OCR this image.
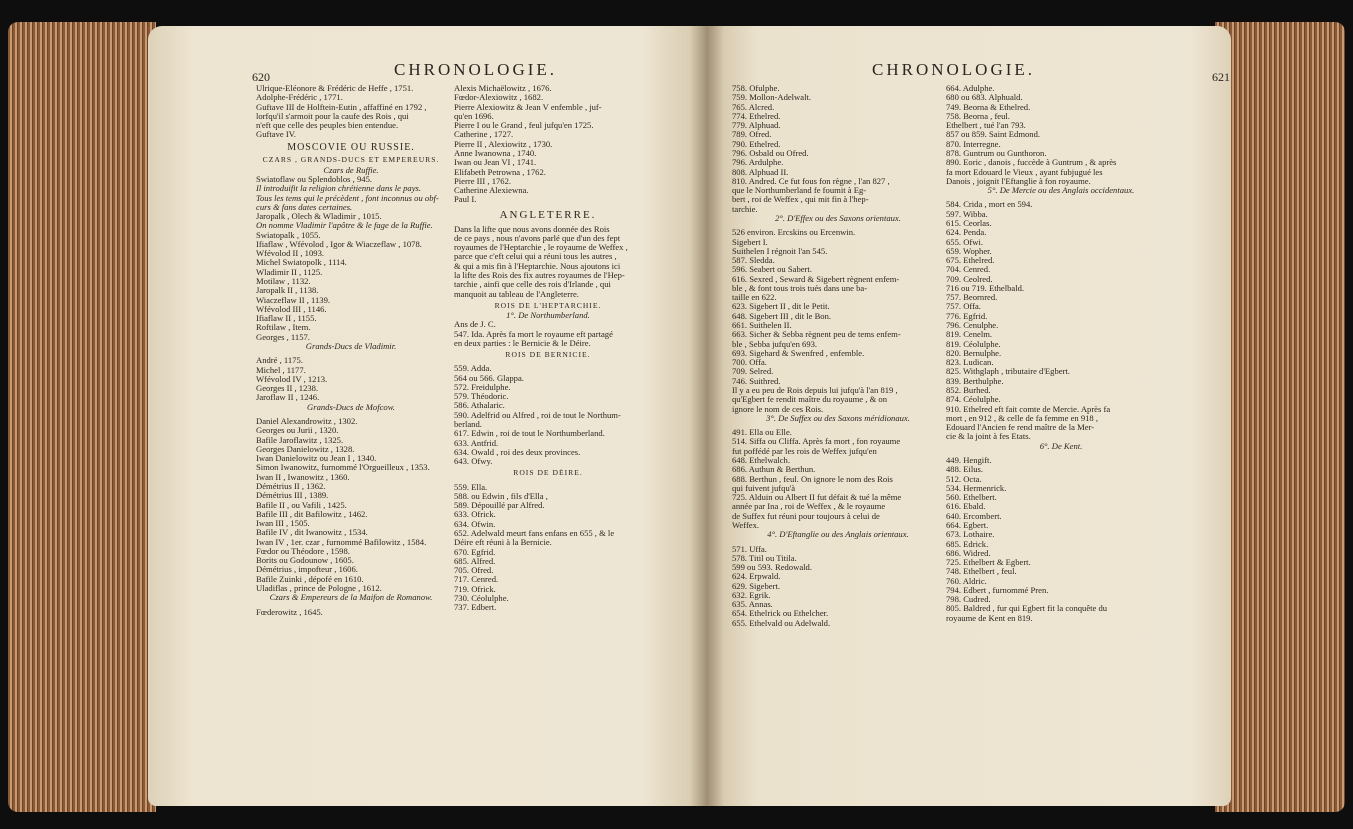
620	CHRONOLOGIE.
Ulrique-Eléonore & Frédéric de Heffe , 1751.
Adolphe-Frédéric , 1771.
Guftave III de Holftein-Eutin , affaffiné en 1792 ,
lorfqu'il s'armoit pour la caufe des Rois , qui
n'eft que celle des peuples bien entendue.
Guftave IV.
MOSCOVIE OU RUSSIE.
CZARS , GRANDS-DUCS ET EMPEREURS.
Czars de Ruffie.
Swiatoflaw ou Splendoblos , 945.
Il introduifit la religion chrétienne dans le pays.
Tous les tems qui le précèdent , font inconnus ou obf-
curs & fans dates certaines.
Jaropalk , Olech & Wladimir , 1015.
On nomme Vladimir l'apôtre & le fage de la Ruffie.
Swiatopalk , 1055.
Ifiaflaw , Wfévolod , Igor & Wiaczeflaw , 1078.
Wfévolod II , 1093.
Michel Swiatopolk , 1114.
Wladimir II , 1125.
Motilaw , 1132.
Jaropalk II , 1138.
Wiaczeflaw II , 1139.
Wfévolod III , 1146.
Ifiaflaw II , 1155.
Roftilaw , Item.
Georges , 1157.
Grands-Ducs de Vladimir.
André , 1175.
Michel , 1177.
Wfévolod IV , 1213.
Georges II , 1238.
Jaroflaw II , 1246.
Grands-Ducs de Mofcow.
Daniel Alexandrowitz , 1302.
Georges ou Jurii , 1320.
Bafile Jaroflawitz , 1325.
Georges Danielowitz , 1328.
Iwan Danielowitz ou Jean I , 1340.
Simon Iwanowitz, furnommé l'Orgueilleux , 1353.
Iwan II , Iwanowitz , 1360.
Démétrius II , 1362.
Démétrius III , 1389.
Bafile II , ou Vafili , 1425.
Bafile III , dit Bafilowitz , 1462.
Iwan III , 1505.
Bafile IV , dit Iwanowitz , 1534.
Iwan IV , 1er. czar , furnommé Bafilowitz , 1584.
Fœdor ou Théodore , 1598.
Borits ou Godounow , 1605.
Démétrius , impofteur , 1606.
Bafile Zuinki , dépofé en 1610.
Uladiflas , prince de Pologne , 1612.
Czars & Empereurs de la Maifon de Romanow.
Fœderowitz , 1645.
Alexis Michaëlowitz , 1676.
Fœdor-Alexiowitz , 1682.
Pierre Alexiowitz & Jean V enfemble , juf-
qu'en 1696.
Pierre I ou le Grand , feul jufqu'en 1725.
Catherine , 1727.
Pierre II , Alexiowitz , 1730.
Anne Iwanowna , 1740.
Iwan ou Jean VI , 1741.
Elifabeth Petrowna , 1762.
Pierre III , 1762.
Catherine Alexiewna.
Paul I.
ANGLETERRE.
Dans la lifte que nous avons donnée des Rois
de ce pays , nous n'avons parlé que d'un des fept
royaumes de l'Heptarchie , le royaume de Weffex ,
parce que c'eft celui qui a réuni tous les autres ,
& qui a mis fin à l'Heptarchie. Nous ajoutons ici
la lifte des Rois des fix autres royaumes de l'Hep-
tarchie , ainfi que celle des rois d'Irlande , qui
manquoit au tableau de l'Angleterre.
ROIS DE L'HEPTARCHIE.
1°. De Northumberland.
Ans de J. C.
547. Ida. Après fa mort le royaume eft partagé
en deux parties : le Bernicie & le Déire.
ROIS DE BERNICIE.
559. Adda.
564 ou 566. Glappa.
572. Freidulphe.
579. Théodoric.
586. Athalaric.
590. Adelfrid ou Alfred , roi de tout le Northum-
berland.
617. Edwin , roi de tout le Northumberland.
633. Antfrid.
634. Owald , roi des deux provinces.
643. Ofwy.
ROIS DE DÉIRE.
559. Ella.
588. ou Edwin , fils d'Ella ,
589. Dépouillé par Alfred.
633. Ofrick.
634. Ofwin.
652. Adelwald meurt fans enfans en 655 , & le
Déire eft réuni à la Bernicie.
670. Egfrid.
685. Alfred.
705. Ofred.
717. Cenred.
719. Ofrick.
730. Céolulphe.
737. Edbert.
CHRONOLOGIE.	621
758. Ofulphe.
759. Mollon-Adelwalt.
765. Alcred.
774. Ethelred.
779. Alphuad.
789. Ofred.
790. Ethelred.
796. Osbald ou Ofred.
796. Ardulphe.
808. Alphuad II.
810. Andred. Ce fut fous fon règne , l'an 827 ,
que le Northumberland fe foumit à Eg-
bert , roi de Weffex , qui mit fin à l'hep-
tarchie.
2°. D'Effex ou des Saxons orientaux.
526 environ. Ercskins ou Ercenwin.
Sigebert I.
Suithelen I régnoit l'an 545.
587. Sledda.
596. Seabert ou Sabert.
616. Sexred , Seward & Sigebert règnent enfem-
ble , & font tous trois tués dans une ba-
taille en 622.
623. Sigebert II , dit le Petit.
648. Sigebert III , dit le Bon.
661. Suithelen II.
663. Sicher & Sebba règnent peu de tems enfem-
ble , Sebba jufqu'en 693.
693. Sigehard & Swenfred , enfemble.
700. Offa.
709. Selred.
746. Suithred.
Il y a eu peu de Rois depuis lui jufqu'à l'an 819 ,
qu'Egbert fe rendit maître du royaume , & on
ignore le nom de ces Rois.
3°. De Suffex ou des Saxons méridionaux.
491. Ella ou Elle.
514. Siffa ou Cliffa. Après fa mort , fon royaume
fut poffédé par les rois de Weffex jufqu'en
648. Ethelwalch.
686. Authun & Berthun.
688. Berthun , feul. On ignore le nom des Rois
qui fuivent jufqu'à
725. Alduin ou Albert II fut défait & tué la même
année par Ina , roi de Weffex , & le royaume
de Suffex fut réuni pour toujours à celui de
Weffex.
4°. D'Eftanglie ou des Anglais orientaux.
571. Uffa.
578. Titil ou Titila.
599 ou 593. Redowald.
624. Erpwald.
629. Sigebert.
632. Egrik.
635. Annas.
654. Ethelrick ou Ethelcher.
655. Ethelvald ou Adelwald.
664. Adulphe.
680 ou 683. Alphuald.
749. Beorna & Ethelred.
758. Beorna , feul.
Ethelbert , tué l'an 793.
857 ou 859. Saint Edmond.
870. Interregne.
878. Guntrum ou Gunthoron.
890. Eoric , danois , fuccède à Guntrum , & après
fa mort Edouard le Vieux , ayant fubjugué les
Danois , joignit l'Eftanglie à fon royaume.
5°. De Mercie ou des Anglais occidentaux.
584. Crida , mort en 594.
597. Wibba.
615. Ceorlas.
624. Penda.
655. Ofwi.
659. Wopher.
675. Ethelred.
704. Cenred.
709. Ceolred.
716 ou 719. Ethelbald.
757. Beornred.
757. Offa.
776. Egfrid.
796. Cenulphe.
819. Cenelm.
819. Céolulphe.
820. Bernulphe.
823. Ludican.
825. Withglaph , tributaire d'Egbert.
839. Berthulphe.
852. Burhed.
874. Céolulphe.
910. Ethelred eft fait comte de Mercie. Après fa
mort , en 912 , & celle de fa femme en 918 ,
Edouard l'Ancien fe rend maître de la Mer-
cie & la joint à fes Etats.
6°. De Kent.
449. Hengift.
488. Eilus.
512. Octa.
534. Hermenrick.
560. Ethelbert.
616. Ebald.
640. Ercombert.
664. Egbert.
673. Lothaire.
685. Edrick.
686. Widred.
725. Ethelbert & Egbert.
748. Ethelbert , feul.
760. Aldric.
794. Edbert , furnommé Pren.
798. Cudred.
805. Baldred , fur qui Egbert fit la conquête du
royaume de Kent en 819.
